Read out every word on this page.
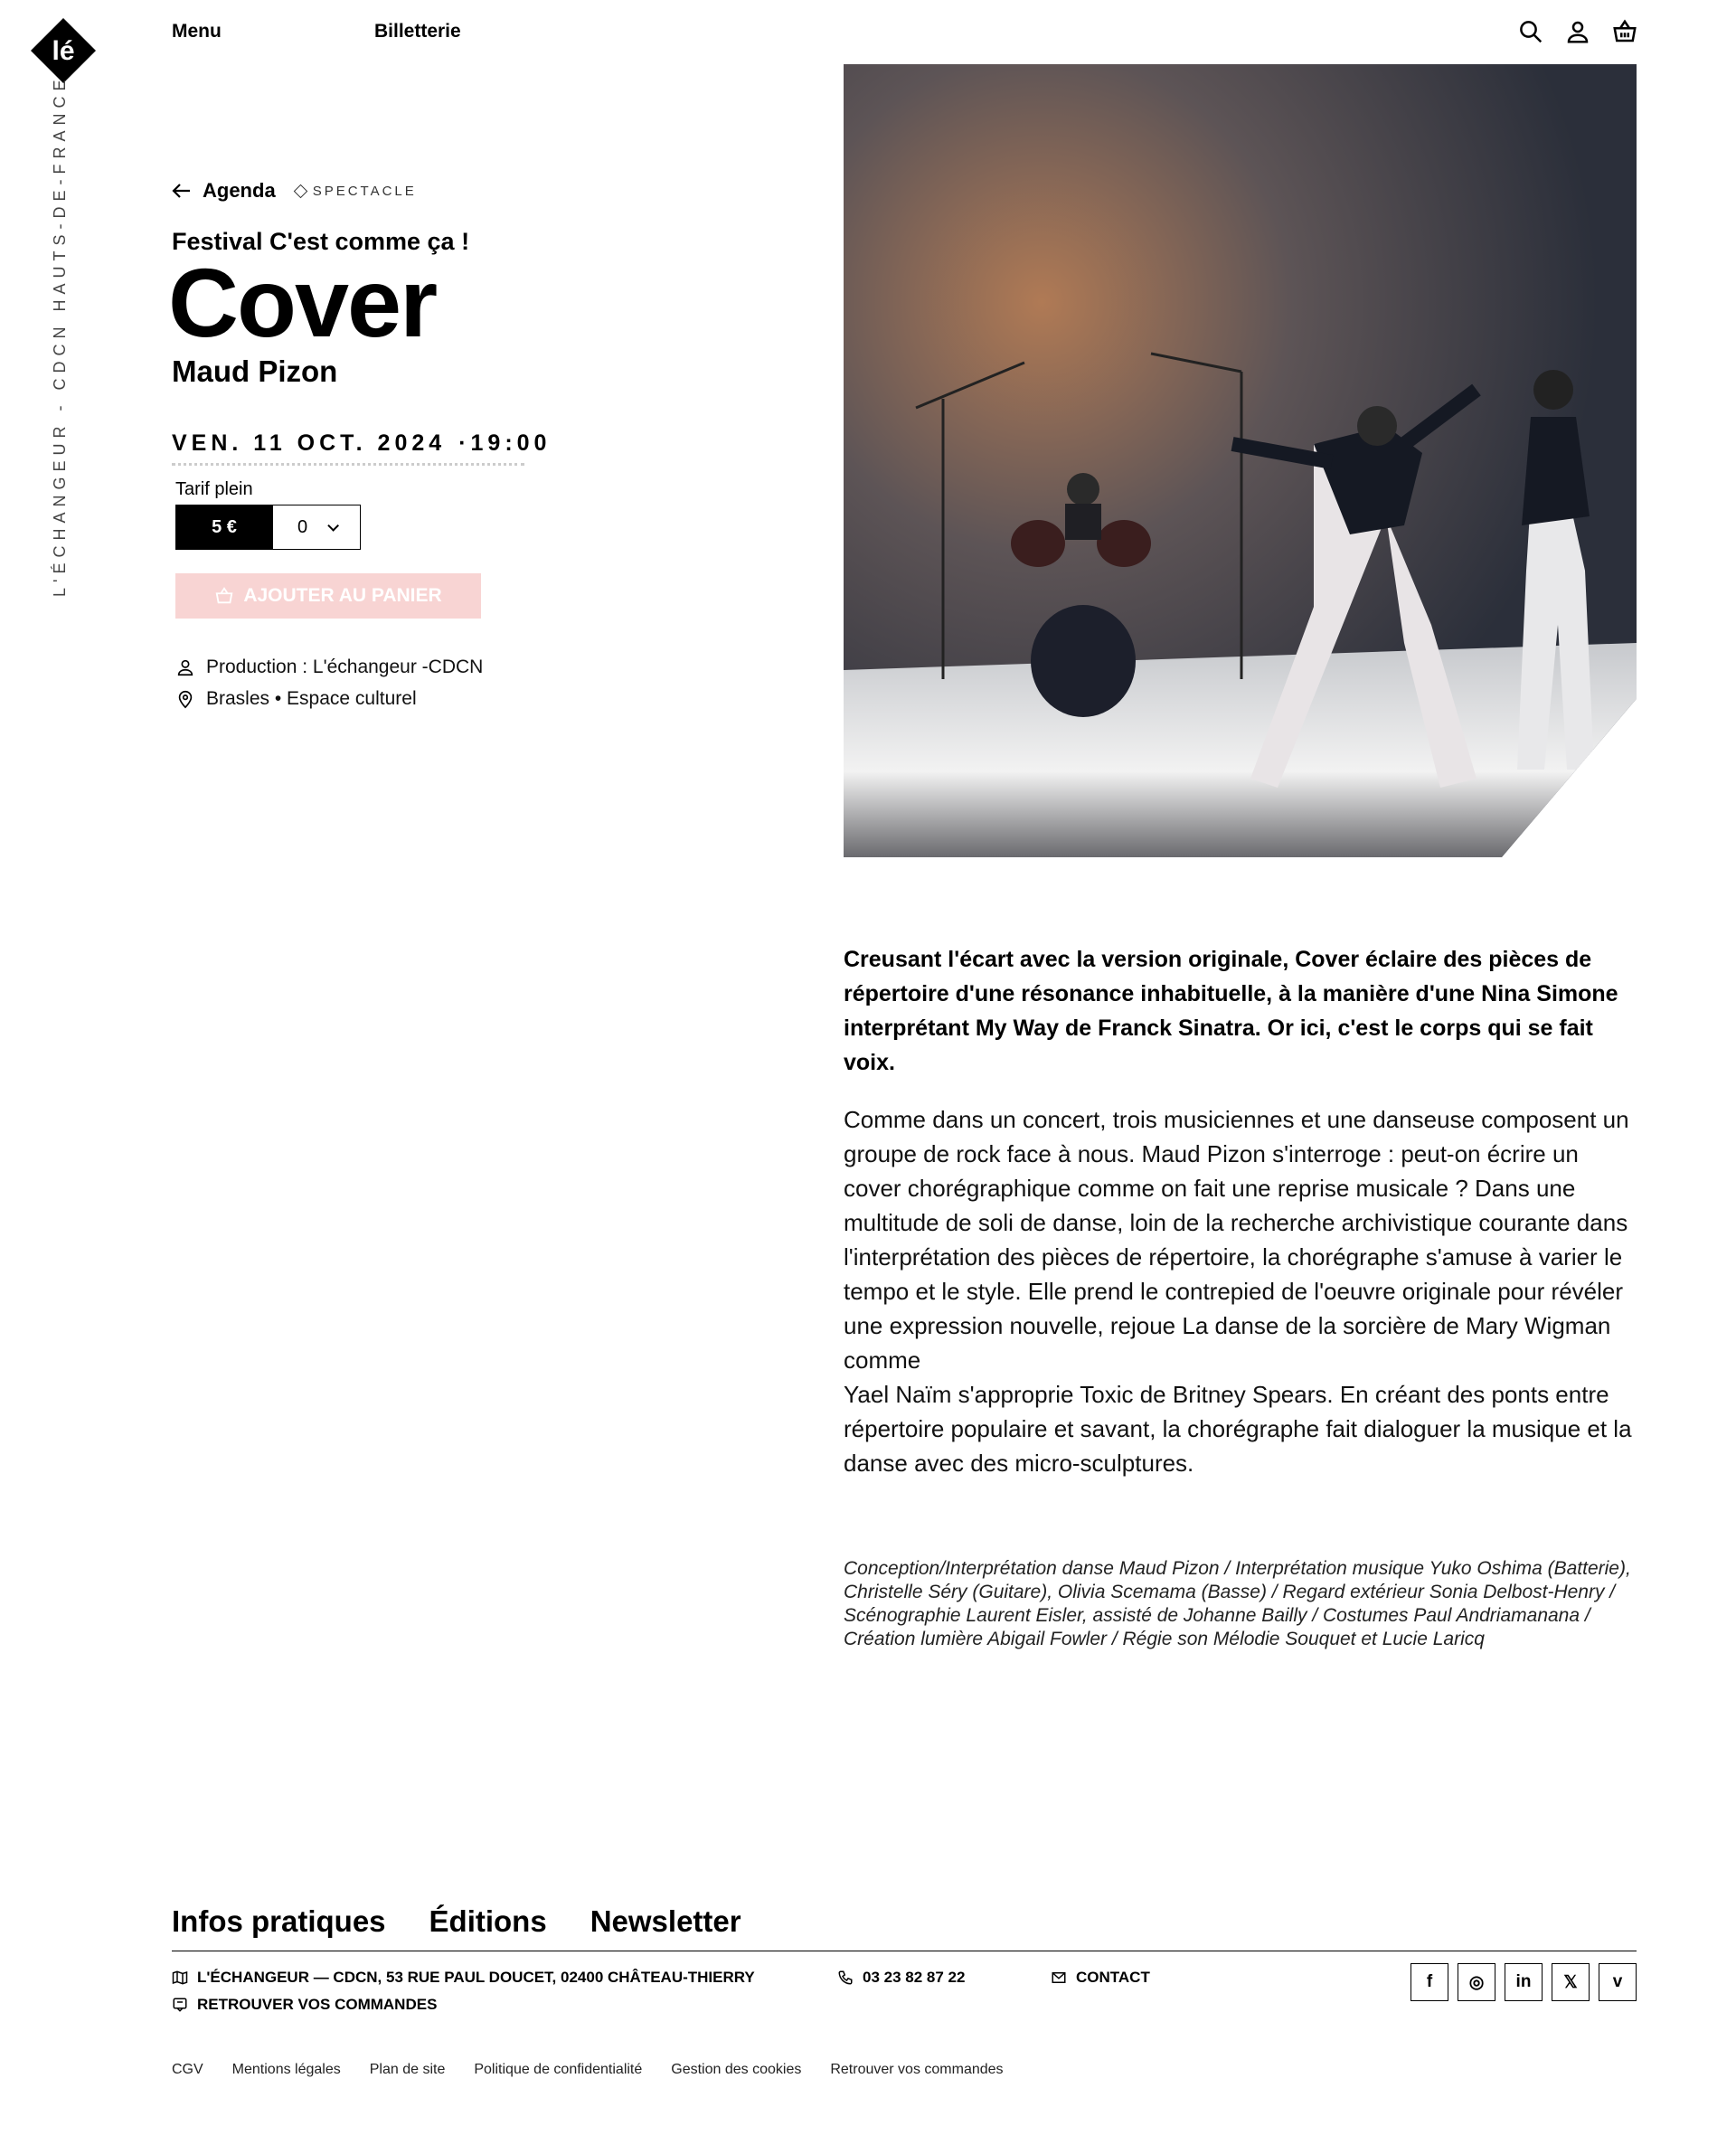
lé
L'ÉCHANGEUR - CDCN HAUTS-DE-FRANCE
Menu	Billetterie
Agenda	SPECTACLE
Festival C'est comme ça !
Cover
Maud Pizon
VEN. 11 OCT. 2024 ·19:00
Tarif plein
5 €	0
AJOUTER AU PANIER
Production : L'échangeur -CDCN
Brasles • Espace culturel
Creusant l'écart avec la version originale, Cover éclaire des pièces de répertoire d'une résonance inhabituelle, à la manière d'une Nina Simone interprétant My Way de Franck Sinatra. Or ici, c'est le corps qui se fait voix.

Comme dans un concert, trois musiciennes et une danseuse composent un groupe de rock face à nous. Maud Pizon s'interroge : peut-on écrire un cover chorégraphique comme on fait une reprise musicale ? Dans une multitude de soli de danse, loin de la recherche archivistique courante dans l'interprétation des pièces de répertoire, la chorégraphe s'amuse à varier le tempo et le style. Elle prend le contrepied de l'oeuvre originale pour révéler une expression nouvelle, rejoue La danse de la sorcière de Mary Wigman comme

Yael Naïm s'approprie Toxic de Britney Spears. En créant des ponts entre répertoire populaire et savant, la chorégraphe fait dialoguer la musique et la danse avec des micro-sculptures.

Conception/Interprétation danse Maud Pizon / Interprétation musique Yuko Oshima (Batterie), Christelle Séry (Guitare), Olivia Scemama (Basse) / Regard extérieur Sonia Delbost-Henry / Scénographie Laurent Eisler, assisté de Johanne Bailly / Costumes Paul Andriamanana / Création lumière Abigail Fowler / Régie son Mélodie Souquet et Lucie Laricq
Infos pratiques Éditions Newsletter
L'ÉCHANGEUR — CDCN, 53 RUE PAUL DOUCET, 02400 CHÂTEAU-THIERRY
RETROUVER VOS COMMANDES
03 23 82 87 22	CONTACT	f	◎	in	𝕏	v
CGV Mentions légales Plan de site Politique de confidentialité Gestion des cookies Retrouver vos commandes
